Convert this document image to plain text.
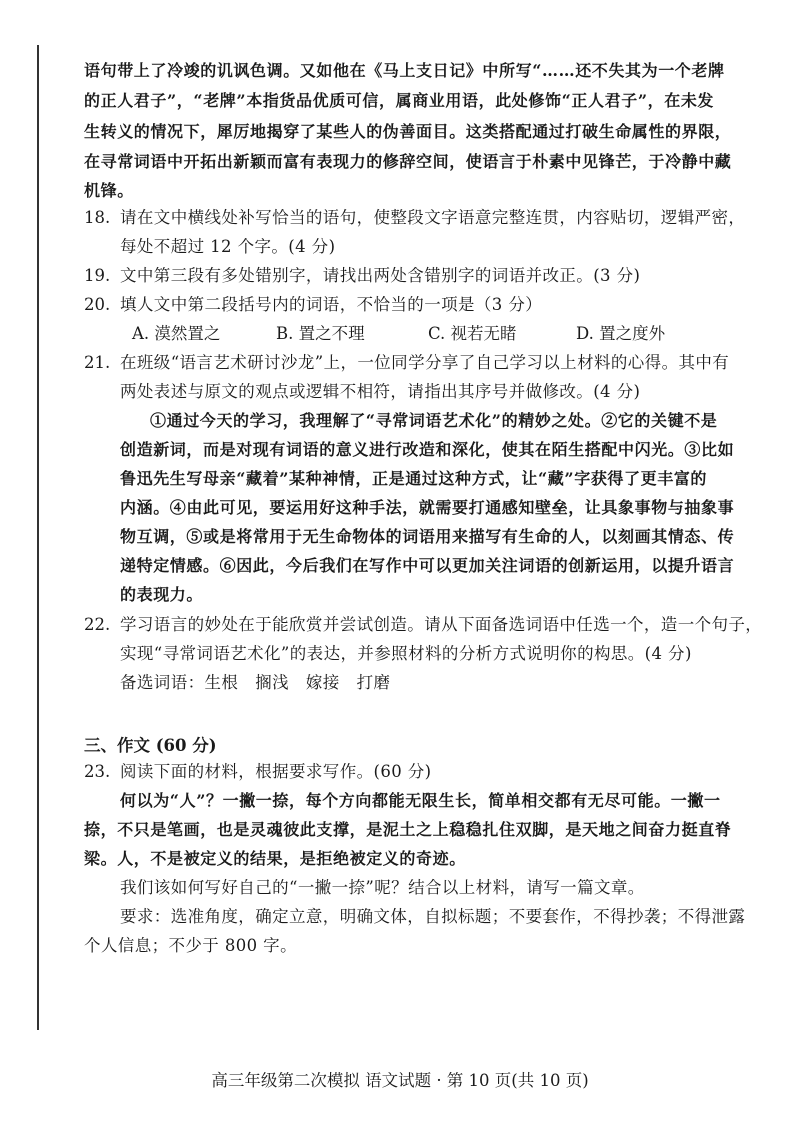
语句带上了冷竣的讥讽色调。又如他在《马上支日记》中所写“……还不失其为一个老牌
的正人君子”，“老牌”本指货品优质可信，属商业用语，此处修饰“正人君子”，在未发
生转义的情况下，犀厉地揭穿了某些人的伪善面目。这类搭配通过打破生命属性的界限，
在寻常词语中开拓出新颖而富有表现力的修辞空间，使语言于朴素中见锋芒，于冷静中藏
机锋。
18. 请在文中横线处补写恰当的语句，使整段文字语意完整连贯，内容贴切，逻辑严密，
每处不超过 12 个字。(4 分)
19. 文中第三段有多处错别字，请找出两处含错别字的词语并改正。(3 分)
20. 填人文中第二段括号内的词语，不恰当的一项是（3 分）
A. 漠然置之	B. 置之不理	C. 视若无睹	D. 置之度外
21. 在班级“语言艺术研讨沙龙”上，一位同学分享了自己学习以上材料的心得。其中有
两处表述与原文的观点或逻辑不相符，请指出其序号并做修改。(4 分)
①通过今天的学习，我理解了“寻常词语艺术化”的精妙之处。②它的关键不是
创造新词，而是对现有词语的意义进行改造和深化，使其在陌生搭配中闪光。③比如
鲁迅先生写母亲“藏着”某种神情，正是通过这种方式，让“藏”字获得了更丰富的
内涵。④由此可见，要运用好这种手法，就需要打通感知壁垒，让具象事物与抽象事
物互调，⑤或是将常用于无生命物体的词语用来描写有生命的人，以刻画其情态、传
递特定情感。⑥因此，今后我们在写作中可以更加关注词语的创新运用，以提升语言
的表现力。
22. 学习语言的妙处在于能欣赏并尝试创造。请从下面备选词语中任选一个，造一个句子，
实现“寻常词语艺术化”的表达，并参照材料的分析方式说明你的构思。(4 分)
备选词语：生根　搁浅　嫁接　打磨
三、作文 (60 分)
23. 阅读下面的材料，根据要求写作。(60 分)
何以为“人”？一撇一捺，每个方向都能无限生长，简单相交都有无尽可能。一撇一
捺，不只是笔画，也是灵魂彼此支撑，是泥土之上稳稳扎住双脚，是天地之间奋力挺直脊
梁。人，不是被定义的结果，是拒绝被定义的奇迹。
我们该如何写好自己的“一撇一捺”呢？结合以上材料，请写一篇文章。
要求：选准角度，确定立意，明确文体，自拟标题；不要套作，不得抄袭；不得泄露
个人信息；不少于 800 字。
高三年级第二次模拟 语文试题 · 第 10 页(共 10 页)
